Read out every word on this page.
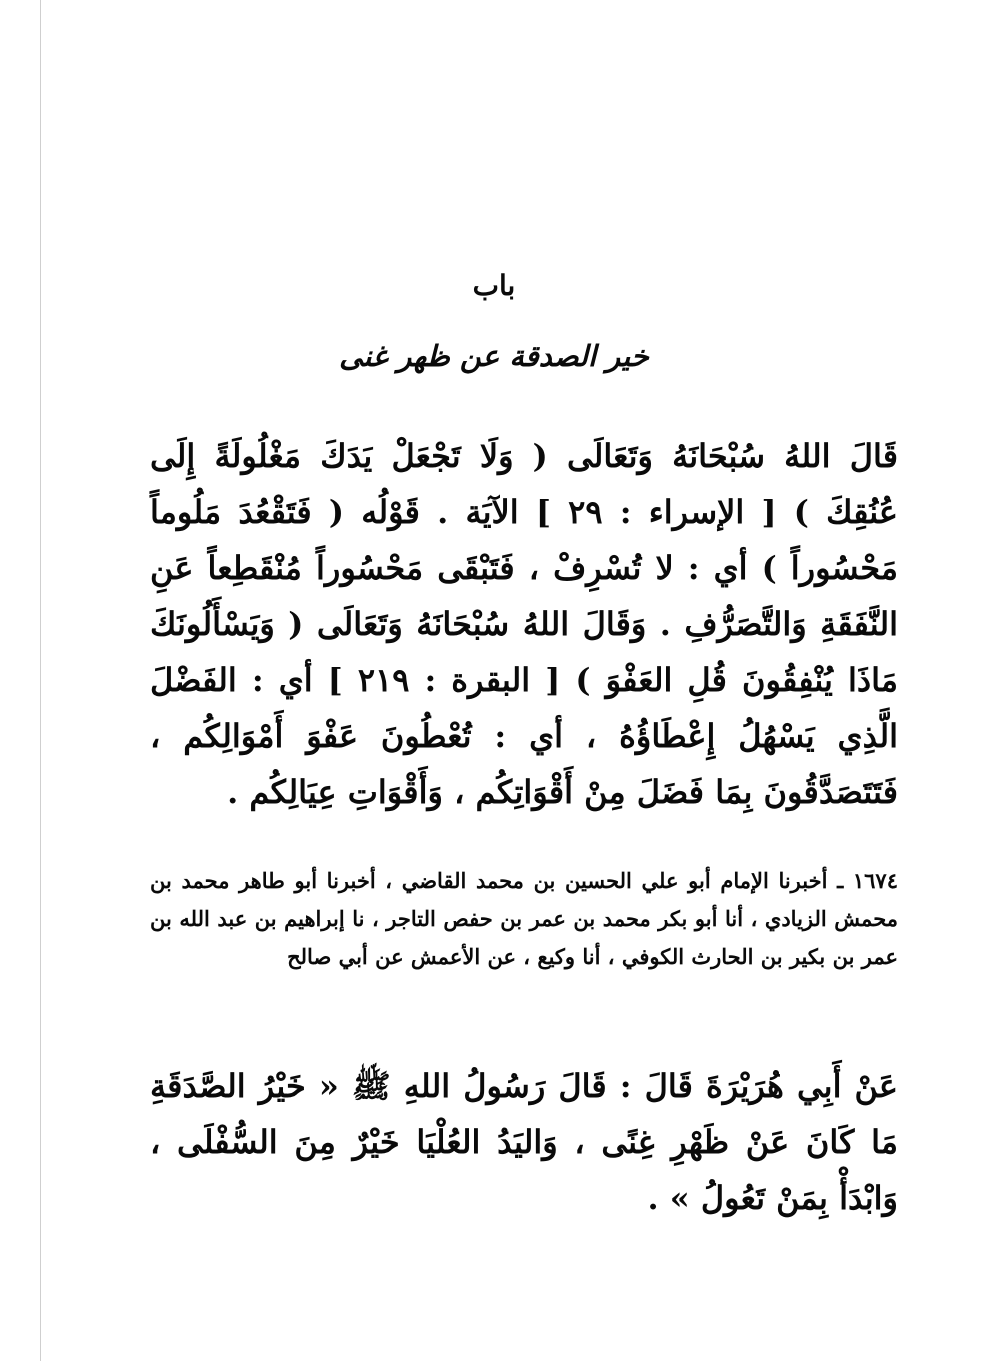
باب
خير الصدقة عن ظهر غنى

قَالَ اللهُ سُبْحَانَهُ وَتَعَالَى ( وَلَا تَجْعَلْ يَدَكَ مَغْلُولَةً إِلَى عُنُقِكَ ) [ الإسراء : ٢٩ ] الآيَة . قَوْلُه ( فَتَقْعُدَ مَلُوماً مَحْسُوراً ) أي : لا تُسْرِفْ ، فَتَبْقَى مَحْسُوراً مُنْقَطِعاً عَنِ النَّفَقَةِ وَالتَّصَرُّفِ . وَقَالَ اللهُ سُبْحَانَهُ وَتَعَالَى ( وَيَسْأَلُونَكَ مَاذَا يُنْفِقُونَ قُلِ العَفْوَ ) [ البقرة : ٢١٩ ] أي : الفَضْلَ الَّذِي يَسْهُلُ إِعْطَاؤُهُ ، أي : تُعْطُونَ عَفْوَ أَمْوَالِكُم ، فَتَتَصَدَّقُونَ بِمَا فَضَلَ مِنْ أَقْوَاتِكُم ، وَأَقْوَاتِ عِيَالِكُم .

١٦٧٤ ـ أخبرنا الإمام أبو علي الحسين بن محمد القاضي ، أخبرنا أبو طاهر محمد بن محمش الزيادي ، أنا أبو بكر محمد بن عمر بن حفص التاجر ، نا إبراهيم بن عبد الله بن عمر بن بكير بن الحارث الكوفي ، أنا وكيع ، عن الأعمش عن أبي صالح

عَنْ أَبِي هُرَيْرَةَ قَالَ : قَالَ رَسُولُ اللهِ ﷺ « خَيْرُ الصَّدَقَةِ مَا كَانَ عَنْ ظَهْرِ غِنًى ، وَاليَدُ العُلْيَا خَيْرٌ مِنَ السُّفْلَى ، وَابْدَأْ بِمَنْ تَعُولُ » .
